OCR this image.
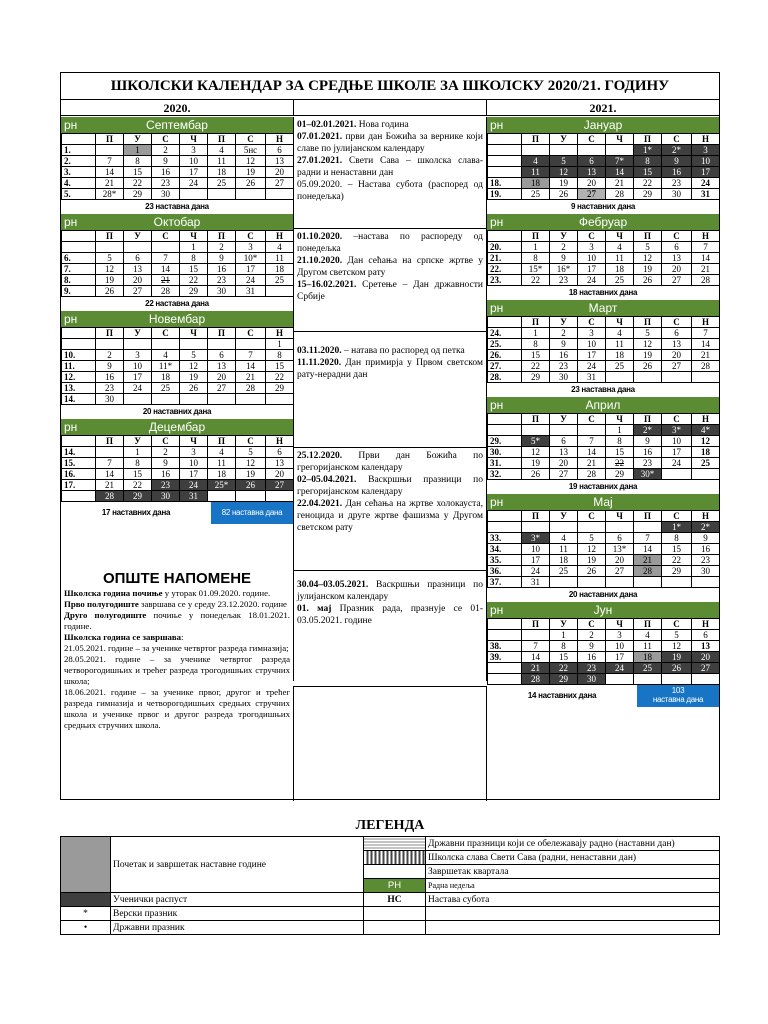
ШКОЛСКИ КАЛЕНДАР ЗА СРЕДЊЕ ШКОЛЕ ЗА ШКОЛСКУ 2020/21. ГОДИНУ
2020.	2021.
Септембар
рн
	П	У	С	Ч	П	С	Н
1.		1	2	3	4	5нс	6
2.	7	8	9	10	11	12	13
3.	14	15	16	17	18	19	20
4.	21	22	23	24	25	26	27
5.	28*	29	30				
23 наставна дана
Октобар
рн
	П	У	С	Ч	П	С	Н
				1	2	3	4
6.	5	6	7	8	9	10*	11
7.	12	13	14	15	16	17	18
8.	19	20	21	22	23	24	25
9.	26	27	28	29	30	31	
22 наставна дана
Новембар
рн
	П	У	С	Ч	П	С	Н
							1
10.	2	3	4	5	6	7	8
11.	9	10	11*	12	13	14	15
12.	16	17	18	19	20	21	22
13.	23	24	25	26	27	28	29
14.	30						
20 наставних дана
Децембар
рн
	П	У	С	Ч	П	С	Н
14.		1	2	3	4	5	6
15.	7	8	9	10	11	12	13
16.	14	15	16	17	18	19	20
17.	21	22	23	24	25*	26	27
	28	29	30	31			
17 наставних дана	82 наставна дана
Јануар
рн
	П	У	С	Ч	П	С	Н
					1*	2*	3
	4	5	6	7*	8	9	10
	11	12	13	14	15	16	17
18.	18	19	20	21	22	23	24
19.	25	26	27	28	29	30	31
9 наставних дана
Фебруар
рн
	П	У	С	Ч	П	С	Н
20.	1	2	3	4	5	6	7
21.	8	9	10	11	12	13	14
22.	15*	16*	17	18	19	20	21
23.	22	23	24	25	26	27	28
18 наставних дана
Март
рн
	П	У	С	Ч	П	С	Н
24.	1	2	3	4	5	6	7
25.	8	9	10	11	12	13	14
26.	15	16	17	18	19	20	21
27.	22	23	24	25	26	27	28
28.	29	30	31				
23 наставна дана
Април
рн
	П	У	С	Ч	П	С	Н
				1	2*	3*	4*
29.	5*	6	7	8	9	10	12
30.	12	13	14	15	16	17	18
31.	19	20	21	22	23	24	25
32.	26	27	28	29	30*		
19 наставних дана
Мај
рн
	П	У	С	Ч	П	С	Н
						1*	2*
33.	3*	4	5	6	7	8	9
34.	10	11	12	13*	14	15	16
35.	17	18	19	20	21	22	23
36.	24	25	26	27	28	29	30
37.	31						
20 наставних дана
Јун
рн
	П	У	С	Ч	П	С	Н
		1	2	3	4	5	6
38.	7	8	9	10	11	12	13
39.	14	15	16	17	18	19	20
	21	22	23	24	25	26	27
	28	29	30				
14 наставних дана
103
наставна дана
01–02.01.2021. Нова година
07.01.2021. први дан Божића за вернике који славе по јулијанском календару
27.01.2021. Свети Сава – школска слава-радни и ненаставни дан
05.09.2020. – Настава субота (распоред од понедељка)
01.10.2020. –настава по распореду од понедељка
21.10.2020. Дан сећања на српске жртве у Другом светском рату
15–16.02.2021. Сретење – Дан државности Србије
03.11.2020. – натава по распоред од петка
11.11.2020. Дан примирја у Првом светском рату-нерадни дан
25.12.2020. Први дан Божића по грегоријанском календару
02–05.04.2021. Васкршњи празници по грегоријанском календару
22.04.2021. Дан сећања на жртве холокауста, геноцида и друге жртве фашизма у Другом светском рату
30.04–03.05.2021. Васкршњи празници по јулијанском календару
01. мај Празник рада, празнује се 01-03.05.2021. године
ОПШТЕ НАПОМЕНЕ
Школска година почиње у уторак 01.09.2020. године.
Прво полугодиште завршава се у среду 23.12.2020. године
Друго полугодиште почиње у понедељак 18.01.2021. године.
Школска година се завршава:
21.05.2021. године – за ученике четвртог разреда гимназија;
28.05.2021. године – за ученике четвртог разреда четворогодишњих и трећег разреда трогодишњих стручних школа;
18.06.2021. године – за ученике првог, другог и трећег разреда гимназија и четворогодишњих средњих стручних школа и ученике првог и другог разреда трогодишњих средњих стручних школа.
ЛЕГЕНДА
	Почетак и завршетак наставне године		Државни празници који се обележавају радно (наставни дан)
			Школска слава Свети Сава (радни, ненаставни дан)
			Завршетак квартала
		РН	Радна недеља
	Ученички распуст	НС	Настава субота
*	Верски празник		
•	Државни празник		
